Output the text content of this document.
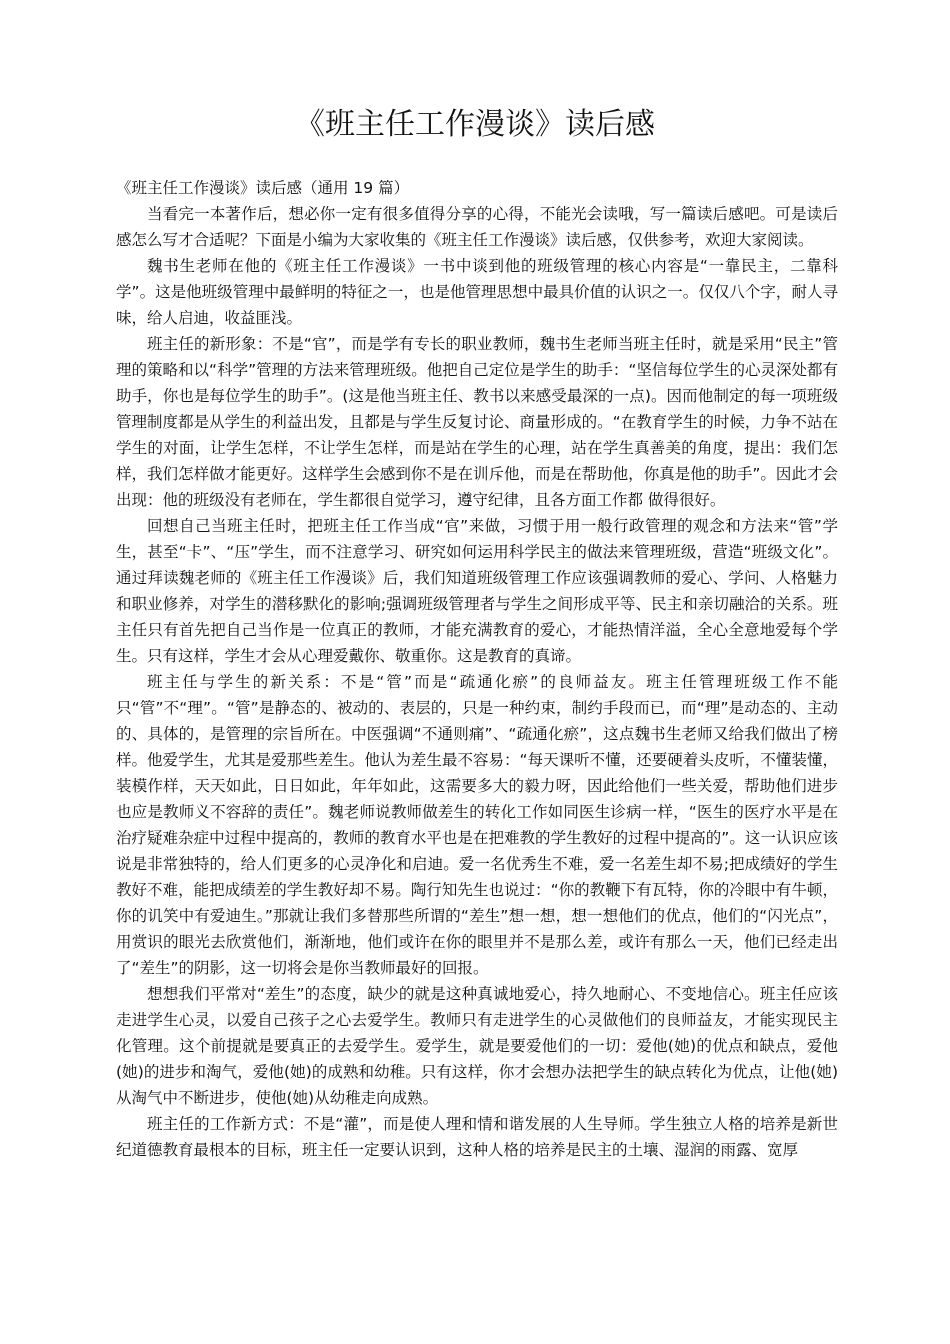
《班主任工作漫谈》读后感

《班主任工作漫谈》读后感（通用 19 篇）

当看完一本著作后，想必你一定有很多值得分享的心得，不能光会读哦，写一篇读后感吧。可是读后感怎么写才合适呢？下面是小编为大家收集的《班主任工作漫谈》读后感，仅供参考，欢迎大家阅读。

魏书生老师在他的《班主任工作漫谈》一书中谈到他的班级管理的核心内容是“一靠民主，二靠科学”。这是他班级管理中最鲜明的特征之一，也是他管理思想中最具价值的认识之一。仅仅八个字，耐人寻味，给人启迪，收益匪浅。

班主任的新形象：不是“官”，而是学有专长的职业教师，魏书生老师当班主任时，就是采用“民主”管理的策略和以“科学”管理的方法来管理班级。他把自己定位是学生的助手：“坚信每位学生的心灵深处都有助手，你也是每位学生的助手”。(这是他当班主任、教书以来感受最深的一点)。因而他制定的每一项班级管理制度都是从学生的利益出发，且都是与学生反复讨论、商量形成的。“在教育学生的时候，力争不站在学生的对面，让学生怎样，不让学生怎样，而是站在学生的心理，站在学生真善美的角度，提出：我们怎样，我们怎样做才能更好。这样学生会感到你不是在训斥他，而是在帮助他，你真是他的助手”。因此才会出现：他的班级没有老师在，学生都很自觉学习，遵守纪律，且各方面工作都 做得很好。

回想自己当班主任时，把班主任工作当成“官”来做，习惯于用一般行政管理的观念和方法来“管”学生，甚至“卡”、“压”学生，而不注意学习、研究如何运用科学民主的做法来管理班级，营造“班级文化”。通过拜读魏老师的《班主任工作漫谈》后，我们知道班级管理工作应该强调教师的爱心、学问、人格魅力和职业修养，对学生的潜移默化的影响;强调班级管理者与学生之间形成平等、民主和亲切融洽的关系。班主任只有首先把自己当作是一位真正的教师，才能充满教育的爱心，才能热情洋溢，全心全意地爱每个学生。只有这样，学生才会从心理爱戴你、敬重你。这是教育的真谛。

班主任与学生的新关系：不是“管”而是“疏通化瘀”的良师益友。班主任管理班级工作不能只“管”不“理”。“管”是静态的、被动的、表层的，只是一种约束，制约手段而已，而“理”是动态的、主动的、具体的，是管理的宗旨所在。中医强调“不通则痛”、“疏通化瘀”，这点魏书生老师又给我们做出了榜样。他爱学生，尤其是爱那些差生。他认为差生最不容易：“每天课听不懂，还要硬着头皮听，不懂装懂，装模作样，天天如此，日日如此，年年如此，这需要多大的毅力呀，因此给他们一些关爱，帮助他们进步也应是教师义不容辞的责任”。魏老师说教师做差生的转化工作如同医生诊病一样，“医生的医疗水平是在治疗疑难杂症中过程中提高的，教师的教育水平也是在把难教的学生教好的过程中提高的”。这一认识应该说是非常独特的，给人们更多的心灵净化和启迪。爱一名优秀生不难，爱一名差生却不易;把成绩好的学生教好不难，能把成绩差的学生教好却不易。陶行知先生也说过：“你的教鞭下有瓦特，你的冷眼中有牛顿，你的讥笑中有爱迪生。”那就让我们多替那些所谓的“差生”想一想，想一想他们的优点，他们的“闪光点”，用赏识的眼光去欣赏他们，渐渐地，他们或许在你的眼里并不是那么差，或许有那么一天，他们已经走出了“差生”的阴影，这一切将会是你当教师最好的回报。

想想我们平常对“差生”的态度，缺少的就是这种真诚地爱心，持久地耐心、不变地信心。班主任应该走进学生心灵，以爱自己孩子之心去爱学生。教师只有走进学生的心灵做他们的良师益友，才能实现民主化管理。这个前提就是要真正的去爱学生。爱学生，就是要爱他们的一切：爱他(她)的优点和缺点，爱他(她)的进步和淘气，爱他(她)的成熟和幼稚。只有这样，你才会想办法把学生的缺点转化为优点，让他(她)从淘气中不断进步，使他(她)从幼稚走向成熟。

班主任的工作新方式：不是“灌”，而是使人理和情和谐发展的人生导师。学生独立人格的培养是新世纪道德教育最根本的目标，班主任一定要认识到，这种人格的培养是民主的土壤、湿润的雨露、宽厚
